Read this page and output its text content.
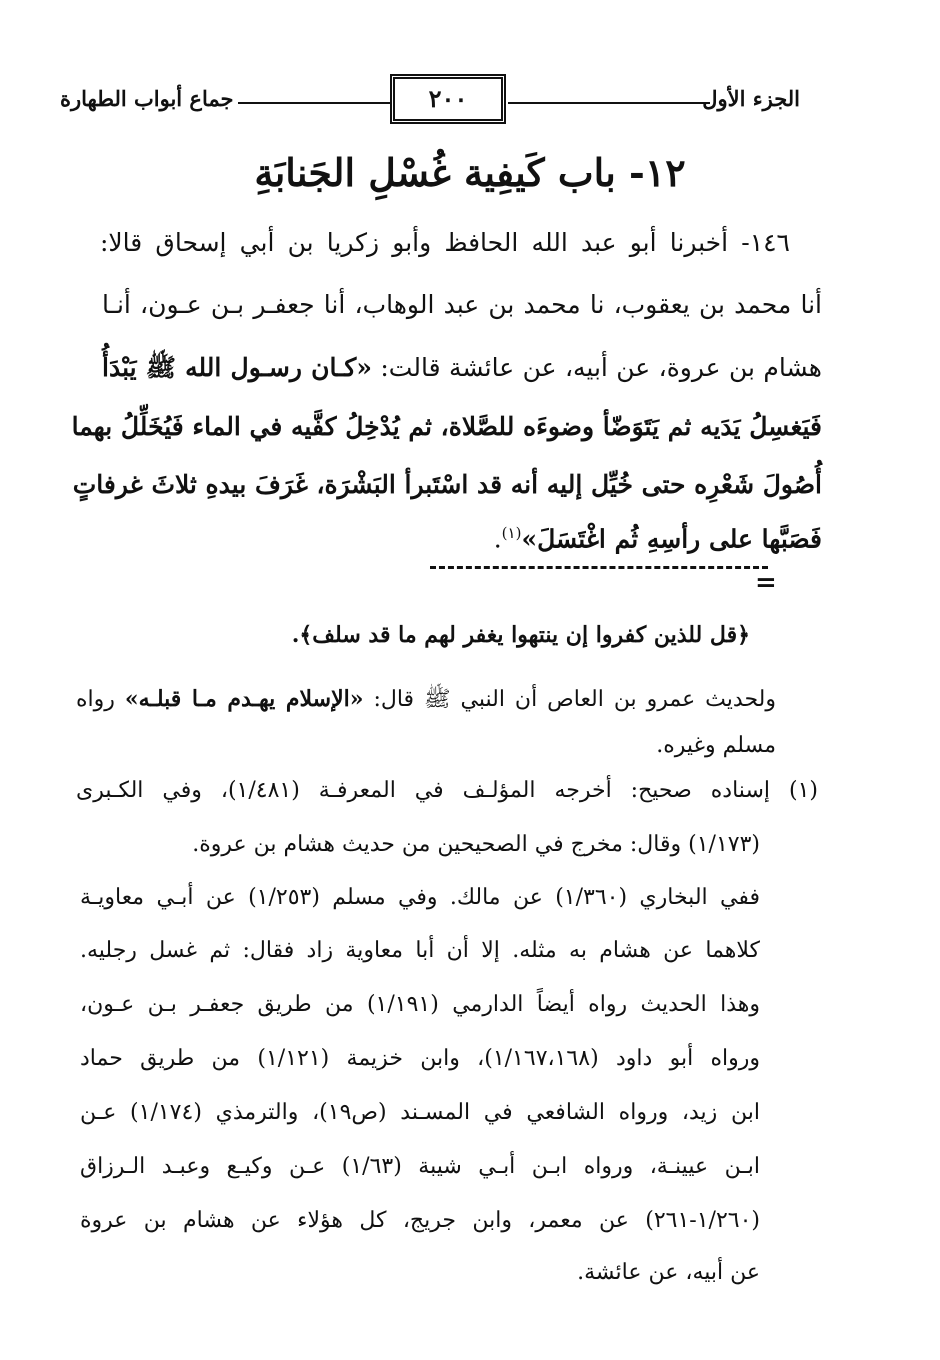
جماع أبواب الطهارة	٢٠٠	الجزء الأول
١٢- باب كَيفِية غُسْلِ الجَنابَةِ
١٤٦- أخبرنا أبو عبد الله الحافظ وأبو زكريا بن أبي إسحاق قالا:
أنا محمد بن يعقوب، نا محمد بن عبد الوهاب، أنا جعفـر بـن عـون، أنـا
هشام بن عروة، عن أبيه، عن عائشة قالت: «كـان رسـول الله ﷺ يَبْدَأُ
فَيَغسِلُ يَدَيه ثم يَتَوَضّأ وضوءَه للصَّلاة، ثم يُدْخِلُ كفَّيه في الماء فَيُخَلِّلُ بهما
أُصُولَ شَعْرِه حتى خُيِّل إليه أنه قد اسْتَبرأ البَشْرَة، غَرَفَ بيدهِ ثلاثَ غرفاتٍ
فَصَبَّها على رأسِهِ ثُم اغْتَسَلَ»$^{(١)}$.
=
﴿قل للذين كفروا إن ينتهوا يغفر لهم ما قد سلف﴾.
ولحديث عمرو بن العاص أن النبي ﷺ قال: «الإسلام يهـدم مـا قبلـه» رواه
مسلم وغيره.
(١) إسناده صحيح: أخرجه المؤلـف في المعرفـة (١/٤٨١)، وفي الكـبرى
(١/١٧٣) وقال: مخرج في الصحيحين من حديث هشام بن عروة.
ففي البخاري (١/٣٦٠) عن مالك. وفي مسلم (١/٢٥٣) عن أبـي معاويـة
كلاهما عن هشام به مثله. إلا أن أبا معاوية زاد فقال: ثم غسل رجليه.
وهذا الحديث رواه أيضاً الدارمي (١/١٩١) من طريق جعفـر بـن عـون،
ورواه أبو داود (١/١٦٧،١٦٨)، وابن خزيمة (١/١٢١) من طريق حماد
ابن زيد، ورواه الشافعي في المسـند (ص١٩)، والترمذي (١/١٧٤) عـن
ابـن عيينـة، ورواه ابـن أبـي شيبة (١/٦٣) عـن وكيـع وعبـد الـرزاق
(١/٢٦٠-٢٦١) عن معمر، وابن جريج، كل هؤلاء عن هشام بن عروة
عن أبيه، عن عائشة.
